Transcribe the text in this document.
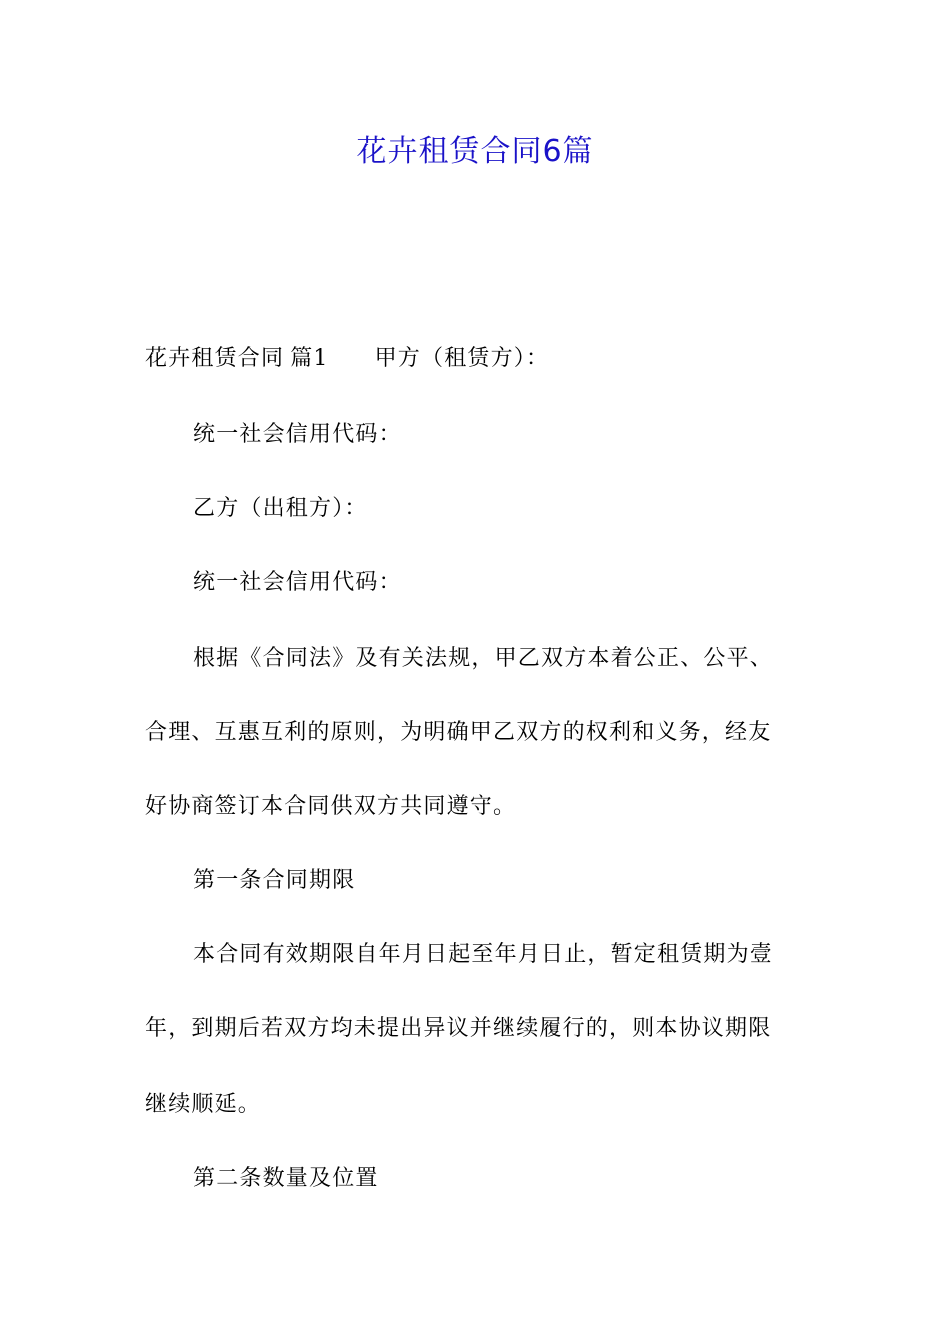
花卉租赁合同6篇
花卉租赁合同 篇1 甲方（租赁方）：
统一社会信用代码：
乙方（出租方）：
统一社会信用代码：
根据《合同法》及有关法规，甲乙双方本着公正、公平、
合理、互惠互利的原则，为明确甲乙双方的权利和义务，经友
好协商签订本合同供双方共同遵守。
第一条合同期限
本合同有效期限自年月日起至年月日止，暂定租赁期为壹
年，到期后若双方均未提出异议并继续履行的，则本协议期限
继续顺延。
第二条数量及位置
